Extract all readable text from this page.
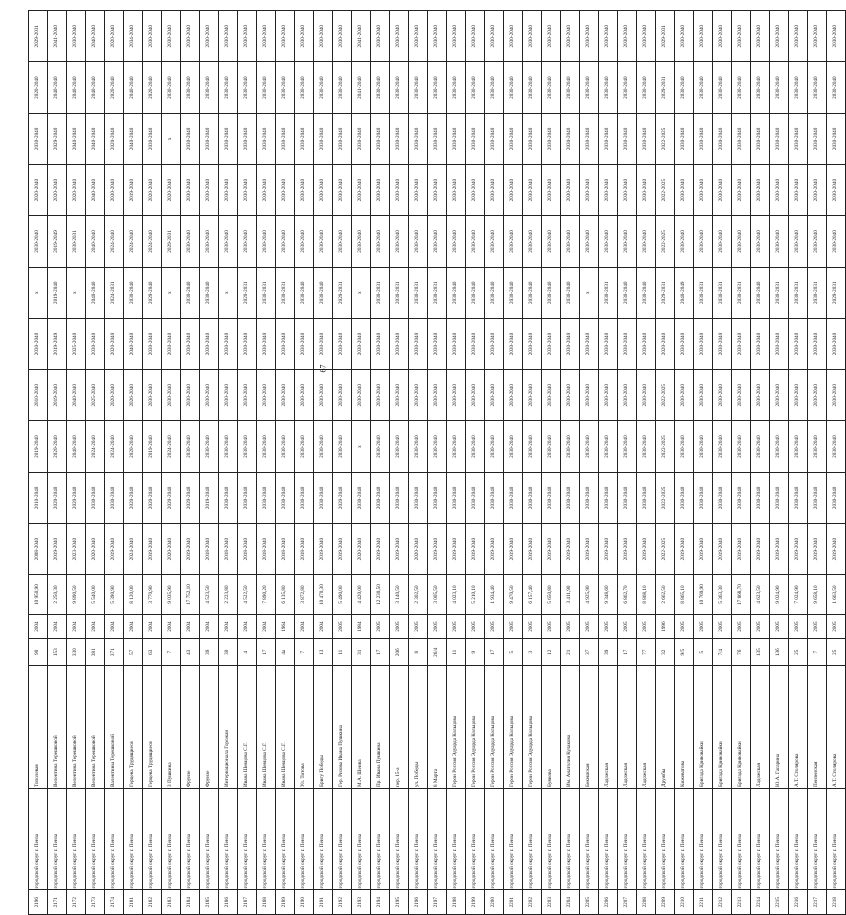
2196	городской округ г. Пенза	Тополевая	90	2004	10 950,90	2008-2040	2010-2040	2019-2040	2010-2040	2030-2040	х	2030-2040	2020-2040	2030-2040	2020-2040	2029-2031
2171	городской округ г. Пенза	Велентина Терешковой	153	2004	2 250,30	2019-2040	2020-2040	2020-2040	2019-2040	2019-2049	2019-2040	2019-2049	2020-2040	2029-2040	2040-2040	2041-2040
2172	городской округ г. Пенза	Велентина Терешковой	330	2004	9 890,50	2023-2040	2020-2040	2040-2040	2040-2040	2025-2040	х	2030-2031	2020-2040	2040-2040	2040-2040	2030-2040
2173	городской округ г. Пенза	Велентина Терешковой	381	2004	5 540,00	2020-2040	2030-2040	2024-2040	2025-2040	2030-2040	2040-2040	2040-2040	2040-2040	2040-2040	2040-2040	2040-2040
2174	городской округ г. Пенза	Валентины Терешковой	371	2004	5 390,90	2019-2040	2030-2040	2024-2040	2020-2040	2020-2040	2024-2031	2024-2040	2030-2040	2020-2040	2020-2040	2020-2040
2181	городской округ г. Пенза	Герцена Трудящиеся	57	2004	8 120,00	2024-2040	2020-2040	2020-2040	2026-2040	2040-2040	2030-2040	2024-2040	2019-2040	2040-2040	2040-2040	2034-2040
2182	городской округ г. Пенза	Герцена Трудящиеся	63	2004	3 770,90	2019-2040	2020-2040	2019-2040	2030-2040	2030-2040	2029-2040	2024-2040	2020-2040	2030-2040	2020-2040	2030-2040
2183	городской округ г. Пенза	3 Пушкина	7	2004	9 035,90	2020-2040	2020-2040	2024-2040	2030-2040	2030-2040	х	2029-2031	2020-2040	х	2030-2040	2030-2040
2184	городской округ г. Пенза	Фрунзе	43	2004	17 752,10	2019-2040	2020-2040	2030-2040	2030-2040	2030-2040	2030-2040	2030-2040	2030-2040	2030-2040	2030-2040	2030-2040
2185	городской округ г. Пенза	Фрунзе	39	2004	4 523,50	2018-2040	2019-2040	2030-2040	2030-2040	2030-2040	2030-2040	2030-2040	2030-2040	2030-2040	2030-2040	2030-2040
2186	городской округ г. Пенза	Интернационала Горожан	30	2004	2 223,80	2018-2040	2030-2040	2030-2040	2030-2040	2030-2040	х	2030-2040	2030-2040	2030-2040	2030-2040	2030-2040
2187	городской округ г. Пенза	Ивана Шевцова С.Г.	4	2004	4 522,50	2018-2040	2030-2040	2030-2040	2030-2040	2030-2040	2020-2031	2030-2040	2030-2040	2030-2040	2030-2040	2030-2040
2188	городской округ г. Пенза	Ивана Шевцова С.Г.	17	2004	7 890,20	2018-2040	2030-2040	2030-2040	2030-2040	2030-2040	2030-2031	2030-2040	2030-2040	2030-2040	2030-2040	2030-2040
2189	городской округ г. Пенза	Ивана Шевцова С.Г.	4а	1964	6 135,80	2018-2040	2030-2040	2030-2040	2030-2040	2030-2040	2030-2031	2030-2040	2030-2040	2030-2040	2030-2040	2030-2040
2190	городской округ г. Пенза	Ул. Титова	7	2004	3 872,80	2018-2040	2030-2040	2030-2040	2030-2040	2030-2040	2030-2040	2030-2040	2030-2040	2030-2040	2030-2040	2030-2040
2191	городской округ г. Пенза	Бригу Победы	13	2004	10 470,30	2019-2040	2030-2040	2030-2040	2030-2040	2030-2040	2030-2040	2030-2040	2030-2040	2030-2040	2030-2040	2030-2040
2192	городской округ г. Пенза	Гер. Ризова Ивана Пушкина	11	2005	5 490,00	2019-2040	2020-2040	2030-2040	2030-2040	2030-2040	2029-2031	2030-2040	2030-2040	2030-2040	2030-2040	2030-2040
2193	городской округ г. Пенза	М.А. Шеина	31	1984	4 420,00	2020-2040	2030-2040	х	2030-2040	2030-2040	х	2030-2040	2030-2040	2030-2040	2041-2040	2041-2040
2194	городской округ г. Пенза	Пр. Ивана Пушкина	17	2005	12 230,50	2019-2040	2030-2040	2030-2040	2030-2040	2030-2040	2030-2031	2030-2040	2030-2040	2030-2040	2030-2040	2030-2040
2195	городской округ г. Пенза	пер. 15-а	20б	2005	3 140,50	2019-2040	2030-2040	2030-2040	2030-2040	2030-2040	2030-2031	2030-2040	2030-2040	2030-2040	2030-2040	2030-2040
2196	городской округ г. Пенза	ул. Победы	8	2005	2 302,50	2020-2040	2030-2040	2030-2040	2030-2040	2030-2040	2030-2031	2030-2040	2030-2040	2030-2040	2030-2040	2030-2040
2197	городской округ г. Пенза	8 Марта	26/4	2005	3 005,50	2019-2040	2030-2040	2030-2040	2030-2040	2030-2040	2030-2031	2030-2040	2030-2040	2030-2040	2030-2040	2030-2040
2198	городской округ г. Пенза	Герои Россия Эдуарда Кольцова	11	2005	4 023,10	2019-2040	2030-2040	2030-2040	2030-2040	2030-2040	2030-2040	2030-2040	2030-2040	2030-2040	2030-2040	2030-2040
2199	городской округ г. Пенза	Герои Россия Эдуарда Кольцова	9	2005	5 210,10	2019-2040	2030-2040	2030-2040	2030-2040	2030-2040	2030-2040	2030-2040	2030-2040	2030-2040	2030-2040	2030-2040
2200	городской округ г. Пенза	Герои Россия Эдуарда Кольцова	17	2005	1 934,40	2019-2040	2030-2040	2030-2040	2030-2040	2030-2040	2030-2040	2030-2040	2030-2040	2030-2040	2030-2040	2030-2040
2201	городской округ г. Пенза	Герои Россия Эдуарда Кольцова	5	2005	9 470,50	2019-2040	2030-2040	2030-2040	2030-2040	2030-2040	2030-2040	2030-2040	2030-2040	2030-2040	2030-2040	2030-2040
2202	городской округ г. Пенза	Герои Россия Эдуарда Кольцова	3	2005	6 157,40	2019-2040	2030-2040	2030-2040	2030-2040	2030-2040	2030-2040	2030-2040	2030-2040	2030-2040	2030-2040	2030-2040
2203	городской округ г. Пенза	Буянова	12	2005	5 650,80	2019-2040	2030-2040	2030-2040	2030-2040	2030-2040	2030-2040	2030-2040	2030-2040	2030-2040	2030-2040	2030-2040
2204	городской округ г. Пенза	Им. Анатолия Кулакова	21	2005	3 411,90	2019-2040	2030-2040	2030-2040	2030-2040	2030-2040	2030-2040	2030-2040	2030-2040	2030-2040	2030-2040	2030-2040
2205	городской округ г. Пенза	Бекешская	37	2005	4 925,90	2019-2040	2030-2040	2030-2040	2030-2040	2030-2040	х	2030-2040	2030-2040	2030-2040	2030-2040	2030-2040
2206	городской округ г. Пенза	Ладожская	39	2005	9 348,60	2019-2040	2030-2040	2030-2040	2030-2040	2030-2040	2030-2031	2030-2040	2030-2040	2030-2040	2030-2040	2030-2040
2207	городской округ г. Пенза	Ладожская	17	2005	6 862,70	2019-2040	2030-2040	2030-2040	2030-2040	2030-2040	2030-2040	2030-2040	2030-2040	2030-2040	2030-2040	2030-2040
2208	городской округ г. Пенза	Ладожская	77	2005	8 868,10	2019-2040	2030-2040	2030-2040	2030-2040	2030-2040	2030-2040	2030-2040	2030-2040	2030-2040	2030-2040	2030-2040
2209	городской округ г. Пенза	Дружбы	32	1996	2 662,50	2022-2025	2022-2025	2022-2025	2022-2025	2020-2040	2029-2031	2022-2025	2022-2025	2022-2025	2029-2031	2029-2031
2210	городской округ г. Пенза	Кижеватова	9/5	2005	8 865,10	2019-2040	2030-2040	2030-2040	2030-2040	2030-2040	2040-2049	2030-2040	2030-2040	2030-2040	2030-2040	2030-2040
2211	городской округ г. Пенза	Бригада Кривовайки	5	2005	10 769,90	2019-2040	2030-2040	2030-2040	2030-2040	2030-2040	2030-2031	2030-2040	2030-2040	2030-2040	2030-2040	2030-2040
2212	городской округ г. Пенза	Бригада Кривовайки	7/4	2005	5 363,30	2019-2040	2030-2040	2030-2040	2030-2040	2030-2040	2030-2031	2030-2040	2030-2040	2030-2040	2030-2040	2030-2040
2213	городской округ г. Пенза	Бригада Кривовайки	7б	2005	17 868,70	2019-2040	2030-2040	2030-2040	2030-2040	2030-2040	2030-2031	2030-2040	2030-2040	2030-2040	2030-2040	2030-2040
2214	городской округ г. Пенза	Ладожская	135	2005	4 623,50	2019-2040	2030-2040	2030-2040	2030-2040	2030-2040	2030-2040	2030-2040	2030-2040	2030-2040	2030-2040	2030-2040
2215	городской округ г. Пенза	Ю.А. Гагарина	13б	2005	9 024,90	2019-2040	2030-2040	2030-2040	2030-2040	2030-2040	2030-2031	2030-2040	2030-2040	2030-2040	2030-2040	2030-2040
2216	городской округ г. Пенза	А.Т. Столярова	25	2005	7 024,90	2019-2040	2030-2040	2030-2040	2030-2040	2030-2040	2030-2031	2030-2040	2030-2040	2030-2040	2030-2040	2030-2040
2217	городской округ г. Пенза	Пензенская	7	2005	9 658,10	2019-2040	2030-2040	2030-2040	2030-2040	2030-2040	2030-2031	2030-2040	2030-2040	2030-2040	2030-2040	2030-2040
2218	городской округ г. Пенза	А.Т. Столярова	25	2005	1 663,50	2019-2040	2030-2040	2030-2040	2030-2040	2030-2040	2029-2031	2030-2040	2030-2040	2030-2040	2030-2040	2030-2040
67
